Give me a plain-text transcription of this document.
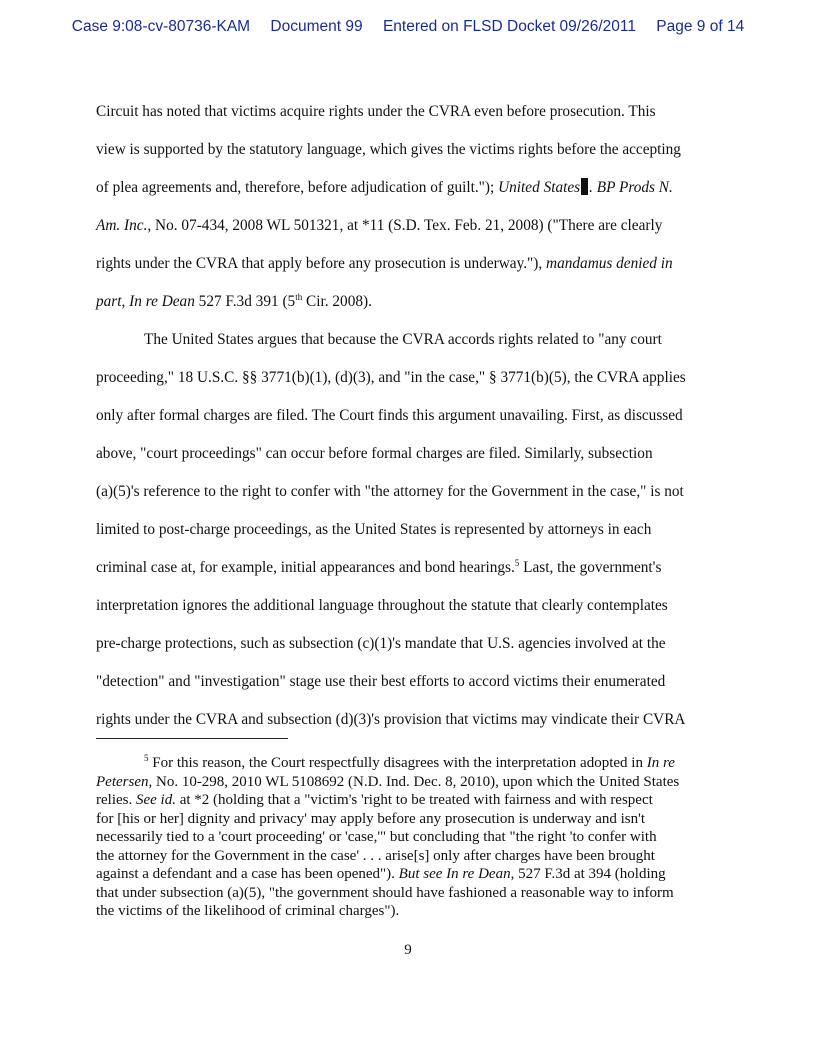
Case 9:08-cv-80736-KAM Document 99 Entered on FLSD Docket 09/26/2011 Page 9 of 14

Circuit has noted that victims acquire rights under the CVRA even before prosecution. This
view is supported by the statutory language, which gives the victims rights before the accepting
of plea agreements and, therefore, before adjudication of guilt."); United States . BP Prods N.
Am. Inc., No. 07-434, 2008 WL 501321, at *11 (S.D. Tex. Feb. 21, 2008) ("There are clearly
rights under the CVRA that apply before any prosecution is underway."), mandamus denied in
part, In re Dean 527 F.3d 391 (5th Cir. 2008).

The United States argues that because the CVRA accords rights related to "any court
proceeding," 18 U.S.C. §§ 3771(b)(1), (d)(3), and "in the case," § 3771(b)(5), the CVRA applies
only after formal charges are filed. The Court finds this argument unavailing. First, as discussed
above, "court proceedings" can occur before formal charges are filed. Similarly, subsection
(a)(5)'s reference to the right to confer with "the attorney for the Government in the case," is not
limited to post-charge proceedings, as the United States is represented by attorneys in each
criminal case at, for example, initial appearances and bond hearings.$^5$ Last, the government's
interpretation ignores the additional language throughout the statute that clearly contemplates
pre-charge protections, such as subsection (c)(1)'s mandate that U.S. agencies involved at the
"detection" and "investigation" stage use their best efforts to accord victims their enumerated
rights under the CVRA and subsection (d)(3)'s provision that victims may vindicate their CVRA

$^5$ For this reason, the Court respectfully disagrees with the interpretation adopted in In re
Petersen, No. 10-298, 2010 WL 5108692 (N.D. Ind. Dec. 8, 2010), upon which the United States
relies. See id. at *2 (holding that a "victim's 'right to be treated with fairness and with respect
for [his or her] dignity and privacy' may apply before any prosecution is underway and isn't
necessarily tied to a 'court proceeding' or 'case,'" but concluding that "the right 'to confer with
the attorney for the Government in the case' . . . arise[s] only after charges have been brought
against a defendant and a case has been opened"). But see In re Dean, 527 F.3d at 394 (holding
that under subsection (a)(5), "the government should have fashioned a reasonable way to inform
the victims of the likelihood of criminal charges").
9
